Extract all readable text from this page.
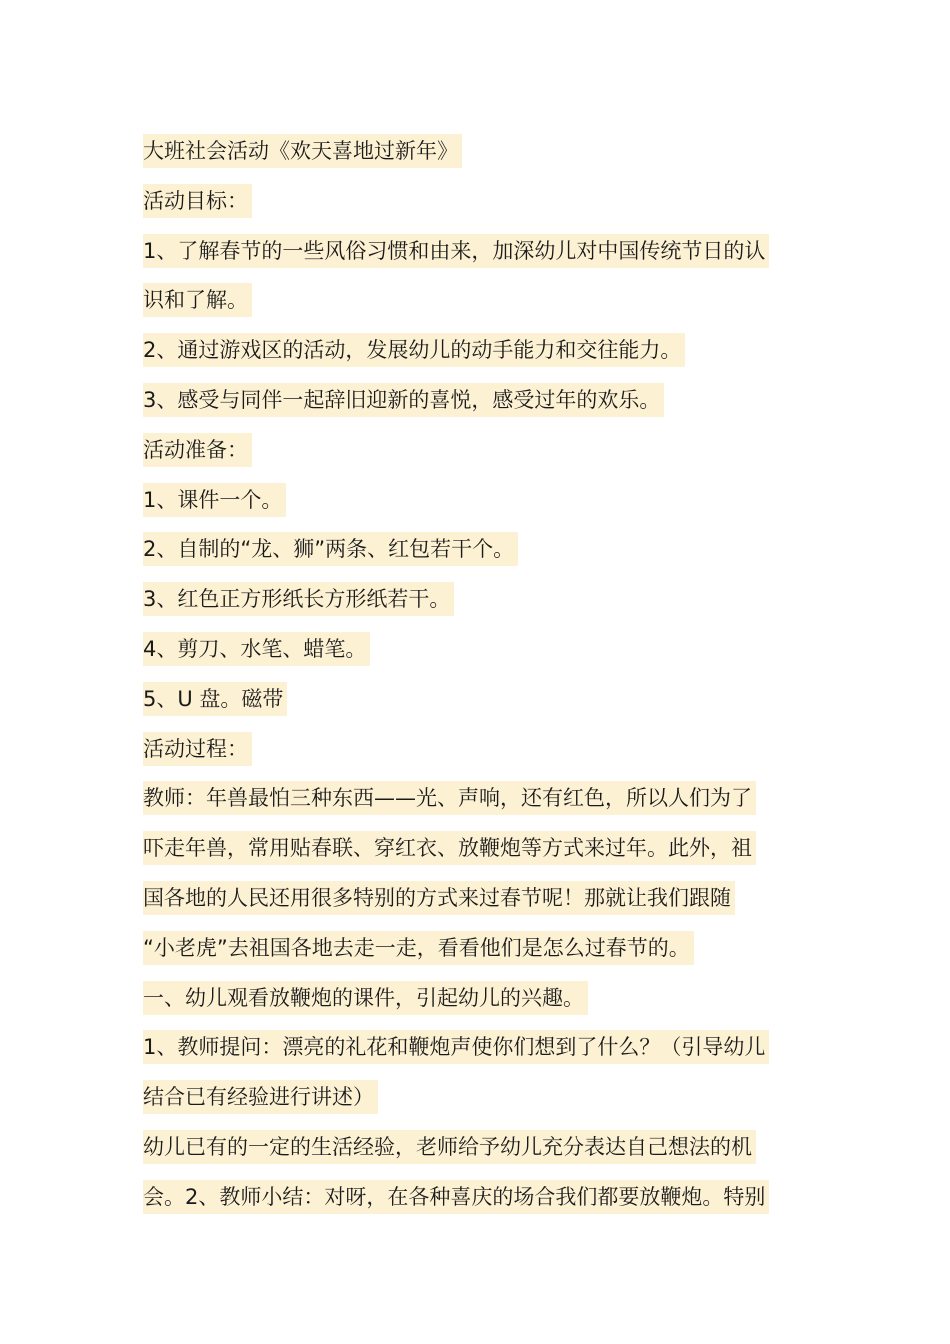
大班社会活动《欢天喜地过新年》
活动目标：
1、了解春节的一些风俗习惯和由来，加深幼儿对中国传统节日的认
识和了解。
2、通过游戏区的活动，发展幼儿的动手能力和交往能力。
3、感受与同伴一起辞旧迎新的喜悦，感受过年的欢乐。
活动准备：
1、课件一个。
2、自制的“龙、狮”两条、红包若干个。
3、红色正方形纸长方形纸若干。
4、剪刀、水笔、蜡笔。
5、U 盘。磁带
活动过程：
教师：年兽最怕三种东西——光、声响，还有红色，所以人们为了
吓走年兽，常用贴春联、穿红衣、放鞭炮等方式来过年。此外，祖
国各地的人民还用很多特别的方式来过春节呢！那就让我们跟随
“小老虎”去祖国各地去走一走，看看他们是怎么过春节的。
一、幼儿观看放鞭炮的课件，引起幼儿的兴趣。
1、教师提问：漂亮的礼花和鞭炮声使你们想到了什么？（引导幼儿
结合已有经验进行讲述）
幼儿已有的一定的生活经验，老师给予幼儿充分表达自己想法的机
会。2、教师小结：对呀，在各种喜庆的场合我们都要放鞭炮。特别
